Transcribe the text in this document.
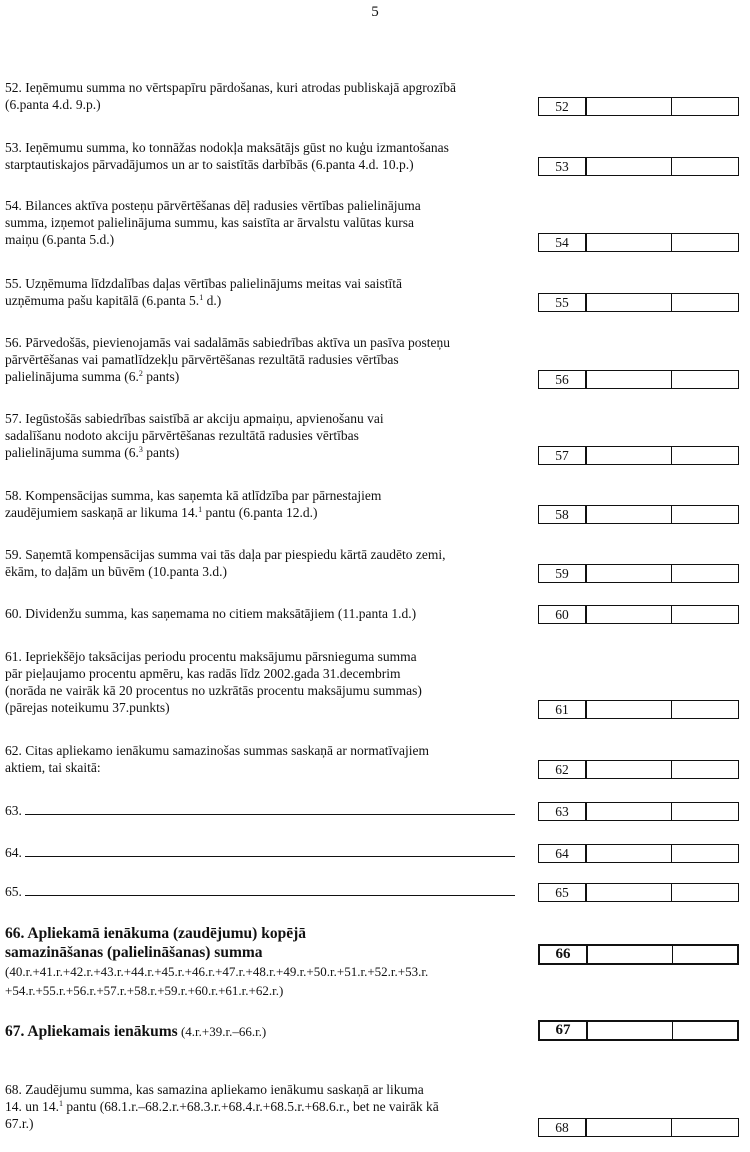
5
52. Ieņēmumu summa no vērtspapīru pārdošanas, kuri atrodas publiskajā apgrozībā
(6.panta 4.d. 9.p.)	52
53. Ieņēmumu summa, ko tonnāžas nodokļa maksātājs gūst no kuģu izmantošanas
starptautiskajos pārvadājumos un ar to saistītās darbībās (6.panta 4.d. 10.p.)	53
54. Bilances aktīva posteņu pārvērtēšanas dēļ radusies vērtības palielinājuma
summa, izņemot palielinājuma summu, kas saistīta ar ārvalstu valūtas kursa
maiņu (6.panta 5.d.)	54
55. Uzņēmuma līdzdalības daļas vērtības palielinājums meitas vai saistītā
uzņēmuma pašu kapitālā (6.panta 5.$^1$ d.)	55
56. Pārvedošās, pievienojamās vai sadalāmās sabiedrības aktīva un pasīva posteņu
pārvērtēšanas vai pamatlīdzekļu pārvērtēšanas rezultātā radusies vērtības
palielinājuma summa (6.$^2$ pants)	56
57. Iegūstošās sabiedrības saistībā ar akciju apmaiņu, apvienošanu vai
sadalīšanu nodoto akciju pārvērtēšanas rezultātā radusies vērtības
palielinājuma summa (6.$^3$ pants)	57
58. Kompensācijas summa, kas saņemta kā atlīdzība par pārnestajiem
zaudējumiem saskaņā ar likuma 14.$^1$ pantu (6.panta 12.d.)	58
59. Saņemtā kompensācijas summa vai tās daļa par piespiedu kārtā zaudēto zemi,
ēkām, to daļām un būvēm (10.panta 3.d.)	59
60. Dividenžu summa, kas saņemama no citiem maksātājiem (11.panta 1.d.)	60
61. Iepriekšējo taksācijas periodu procentu maksājumu pārsnieguma summa
pār pieļaujamo procentu apmēru, kas radās līdz 2002.gada 31.decembrim
(norāda ne vairāk kā 20 procentus no uzkrātās procentu maksājumu summas)
(pārejas noteikumu 37.punkts)	61
62. Citas apliekamo ienākumu samazinošas summas saskaņā ar normatīvajiem
aktiem, tai skaitā:	62
63.	63
64.	64
65.	65
66. Apliekamā ienākuma (zaudējumu) kopējā
samazināšanas (palielināšanas) summa
(40.r.+41.r.+42.r.+43.r.+44.r.+45.r.+46.r.+47.r.+48.r.+49.r.+50.r.+51.r.+52.r.+53.r.
+54.r.+55.r.+56.r.+57.r.+58.r.+59.r.+60.r.+61.r.+62.r.)
66
67. Apliekamais ienākums (4.r.+39.r.–66.r.)	67
68. Zaudējumu summa, kas samazina apliekamo ienākumu saskaņā ar likuma
14. un 14.$^1$ pantu (68.1.r.–68.2.r.+68.3.r.+68.4.r.+68.5.r.+68.6.r., bet ne vairāk kā
67.r.)	68
